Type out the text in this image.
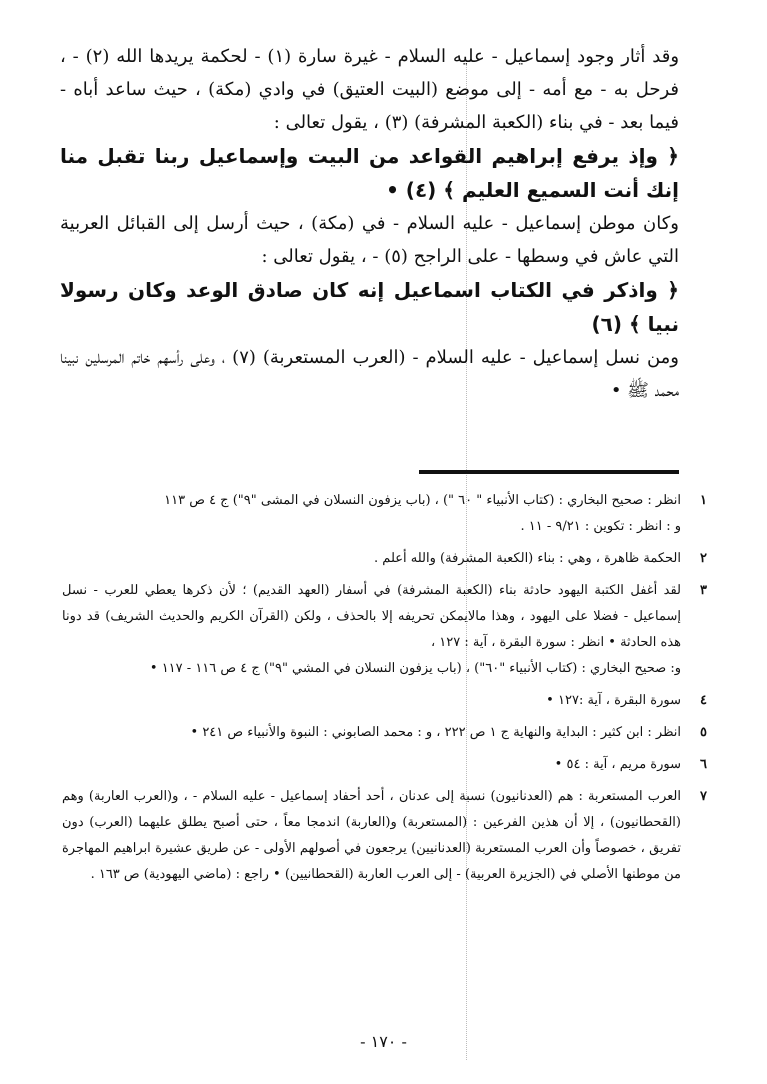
وقد أثار وجود إسماعيل - عليه السلام - غيرة سارة (١) - لحكمة يريدها الله (٢) - ، فرحل به - مع أمه - إلى موضع (البيت العتيق) في وادي (مكة) ، حيث ساعد أباه - فيما بعد - في بناء (الكعبة المشرفة) (٣) ، يقول تعالى :

﴿ وإذ يرفع إبراهيم القواعد من البيت وإسماعيل ربنا تقبل منا إنك أنت السميع العليم ﴾ (٤) •

وكان موطن إسماعيل - عليه السلام - في (مكة) ، حيث أرسل إلى القبائل العربية التي عاش في وسطها - على الراجح (٥) - ، يقول تعالى :

﴿ واذكر في الكتاب اسماعيل إنه كان صادق الوعد وكان رسولا نبيا ﴾ (٦)

ومن نسل إسماعيل - عليه السلام - (العرب المستعربة) (٧) ، وعلى رأسهم خاتم المرسلين نبينا محمد ﷺ •

١
انظر : صحيح البخاري : (كتاب الأنبياء " ٦٠ ") ، (باب يزفون النسلان في المشى "٩") ج ٤ ص ١١٣
و : انظر : تكوين : ٩/٢١ - ١١ .
٢
الحكمة ظاهرة ، وهي : بناء (الكعبة المشرفة) والله أعلم .
٣
لقد أغفل الكتبة اليهود حادثة بناء (الكعبة المشرفة) في أسفار (العهد القديم) ؛ لأن ذكرها يعطي للعرب - نسل إسماعيل - فضلا على اليهود ، وهذا مالايمكن تحريفه إلا بالحذف ، ولكن (القرآن الكريم والحديث الشريف) قد دونا هذه الحادثة • انظر : سورة البقرة ، آية : ١٢٧ ،
و: صحيح البخاري : (كتاب الأنبياء "٦٠") ، (باب يزفون النسلان في المشي "٩") ج ٤ ص ١١٦ - ١١٧ •
٤
سورة البقرة ، آية :١٢٧ •
٥
انظر : ابن كثير : البداية والنهاية ج ١ ص ٢٢٢ ، و : محمد الصابوني : النبوة والأنبياء ص ٢٤١ •
٦
سورة مريم ، آية : ٥٤ •
٧
العرب المستعربة : هم (العدنانيون) نسبة إلى عدنان ، أحد أحفاد إسماعيل - عليه السلام - ، و(العرب العاربة) وهم (القحطانيون) ، إلا أن هذين الفرعين : (المستعربة) و(العاربة) اندمجا معاً ، حتى أصبح يطلق عليهما (العرب) دون تفريق ، خصوصاً وأن العرب المستعربة (العدنانيين) يرجعون في أصولهم الأولى - عن طريق عشيرة ابراهيم المهاجرة من موطنها الأصلي في (الجزيرة العربية) - إلى العرب العاربة (القحطانيين) • راجع : (ماضي اليهودية) ص ١٦٣ .
- ١٧٠ -
